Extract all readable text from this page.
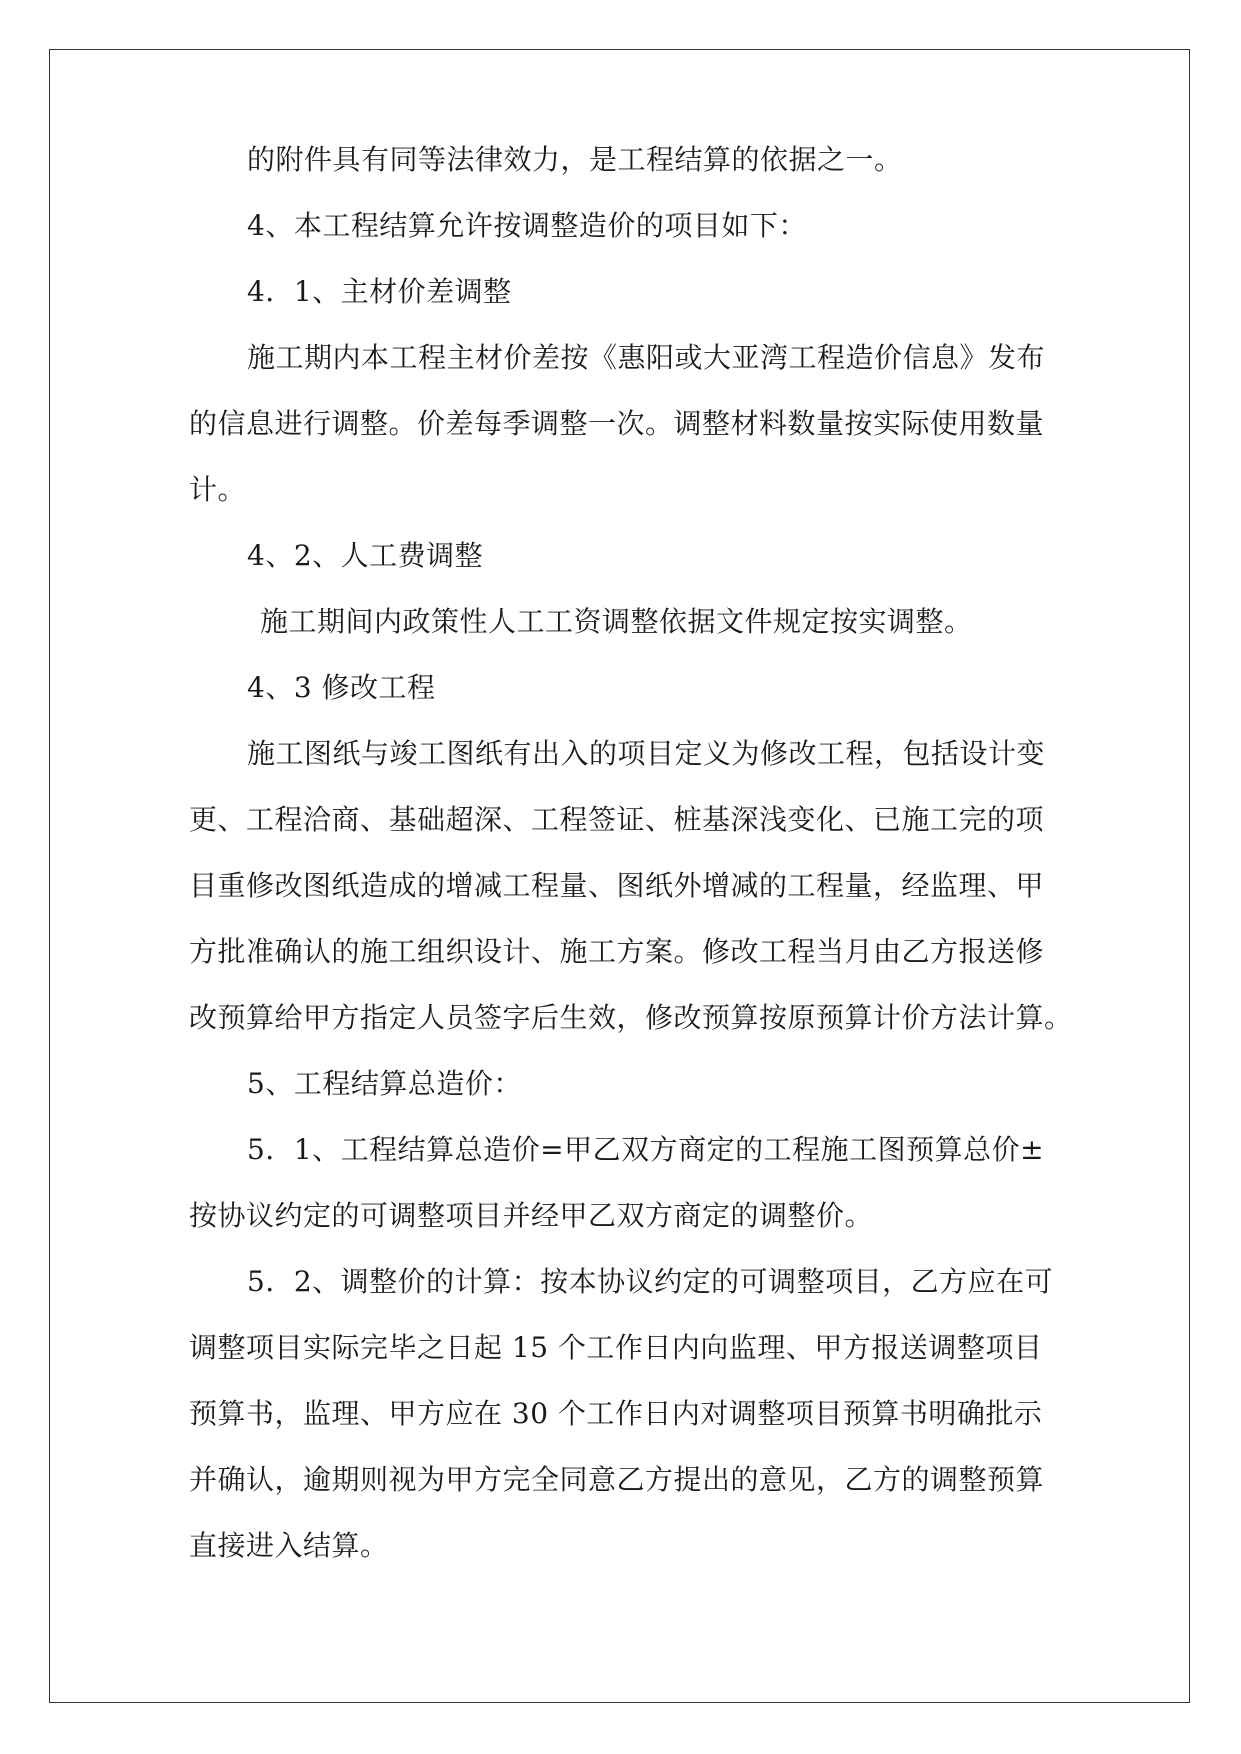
的附件具有同等法律效力，是工程结算的依据之一。
4、本工程结算允许按调整造价的项目如下：
4．1、主材价差调整
施工期内本工程主材价差按《惠阳或大亚湾工程造价信息》发布
的信息进行调整。价差每季调整一次。调整材料数量按实际使用数量
计。
4、2、人工费调整
施工期间内政策性人工工资调整依据文件规定按实调整。
4、3 修改工程
施工图纸与竣工图纸有出入的项目定义为修改工程，包括设计变
更、工程洽商、基础超深、工程签证、桩基深浅变化、已施工完的项
目重修改图纸造成的增减工程量、图纸外增减的工程量，经监理、甲
方批准确认的施工组织设计、施工方案。修改工程当月由乙方报送修
改预算给甲方指定人员签字后生效，修改预算按原预算计价方法计算。
5、工程结算总造价：
5．1、工程结算总造价=甲乙双方商定的工程施工图预算总价±
按协议约定的可调整项目并经甲乙双方商定的调整价。
5．2、调整价的计算：按本协议约定的可调整项目，乙方应在可
调整项目实际完毕之日起 15 个工作日内向监理、甲方报送调整项目
预算书，监理、甲方应在 30 个工作日内对调整项目预算书明确批示
并确认，逾期则视为甲方完全同意乙方提出的意见，乙方的调整预算
直接进入结算。
